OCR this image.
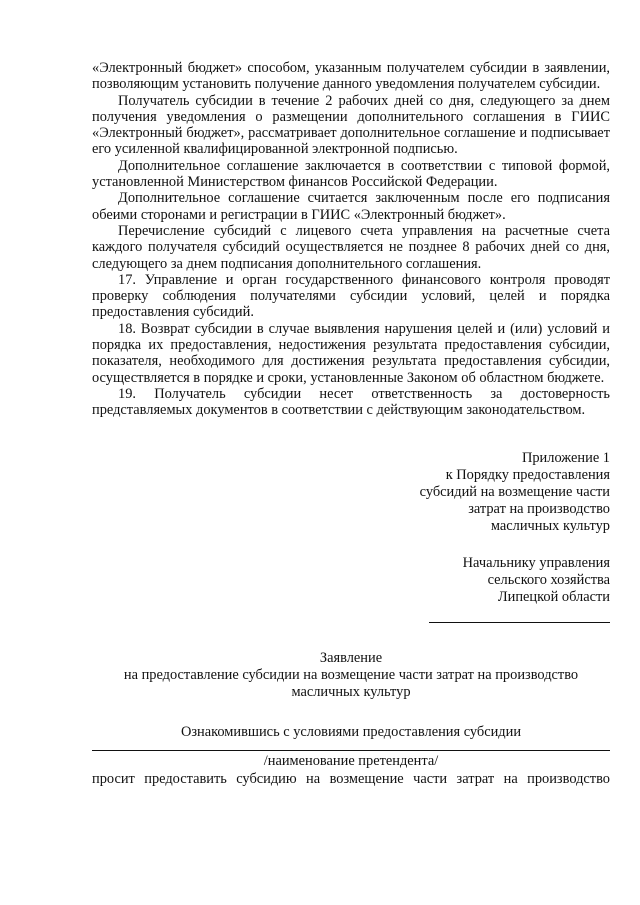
«Электронный бюджет» способом, указанным получателем субсидии в заявлении, позволяющим установить получение данного уведомления получателем субсидии.

Получатель субсидии в течение 2 рабочих дней со дня, следующего за днем получения уведомления о размещении дополнительного соглашения в ГИИС «Электронный бюджет», рассматривает дополнительное соглашение и подписывает его усиленной квалифицированной электронной подписью.

Дополнительное соглашение заключается в соответствии с типовой формой, установленной Министерством финансов Российской Федерации.

Дополнительное соглашение считается заключенным после его подписания обеими сторонами и регистрации в ГИИС «Электронный бюджет».

Перечисление субсидий с лицевого счета управления на расчетные счета каждого получателя субсидий осуществляется не позднее 8 рабочих дней со дня, следующего за днем подписания дополнительного соглашения.

17. Управление и орган государственного финансового контроля проводят проверку соблюдения получателями субсидии условий, целей и порядка предоставления субсидий.

18. Возврат субсидии в случае выявления нарушения целей и (или) условий и порядка их предоставления, недостижения результата предоставления субсидии, показателя, необходимого для достижения результата предоставления субсидии, осуществляется в порядке и сроки, установленные Законом об областном бюджете.

19. Получатель субсидии несет ответственность за достоверность представляемых документов в соответствии с действующим законодательством.

Приложение 1
к Порядку предоставления
субсидий на возмещение части
затрат на производство
масличных культур
Начальнику управления
сельского хозяйства
Липецкой области
Заявление
на предоставление субсидии на возмещение части затрат на производство
масличных культур
Ознакомившись с условиями предоставления субсидии
/наименование претендента/
просит предоставить субсидию на возмещение части затрат на производство
